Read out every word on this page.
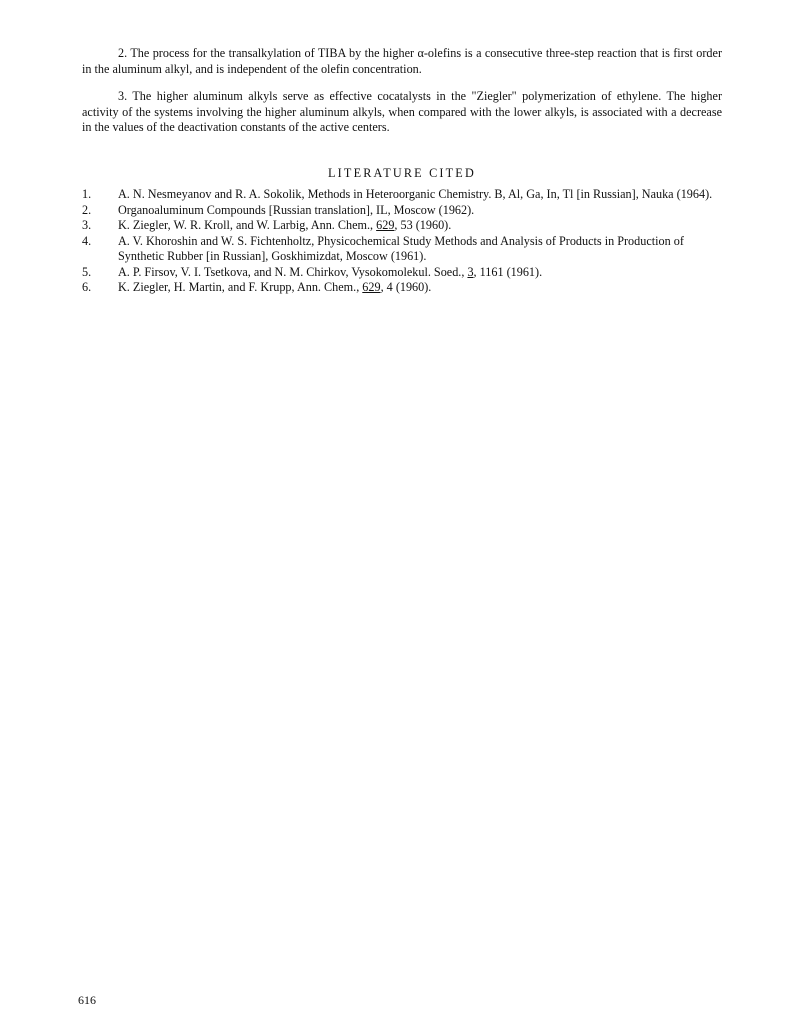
2. The process for the transalkylation of TIBA by the higher α-olefins is a consecutive three-step reaction that is first order in the aluminum alkyl, and is independent of the olefin concentration.

3. The higher aluminum alkyls serve as effective cocatalysts in the "Ziegler" polymerization of ethylene. The higher activity of the systems involving the higher aluminum alkyls, when compared with the lower alkyls, is associated with a decrease in the values of the deactivation constants of the active centers.

LITERATURE CITED

1. A. N. Nesmeyanov and R. A. Sokolik, Methods in Heteroorganic Chemistry. B, Al, Ga, In, Tl [in Russian], Nauka (1964).
2. Organoaluminum Compounds [Russian translation], IL, Moscow (1962).
3. K. Ziegler, W. R. Kroll, and W. Larbig, Ann. Chem., 629, 53 (1960).
4. A. V. Khoroshin and W. S. Fichtenholtz, Physicochemical Study Methods and Analysis of Products in Production of Synthetic Rubber [in Russian], Goskhimizdat, Moscow (1961).
5. A. P. Firsov, V. I. Tsetkova, and N. M. Chirkov, Vysokomolekul. Soed., 3, 1161 (1961).
6. K. Ziegler, H. Martin, and F. Krupp, Ann. Chem., 629, 4 (1960).

616
